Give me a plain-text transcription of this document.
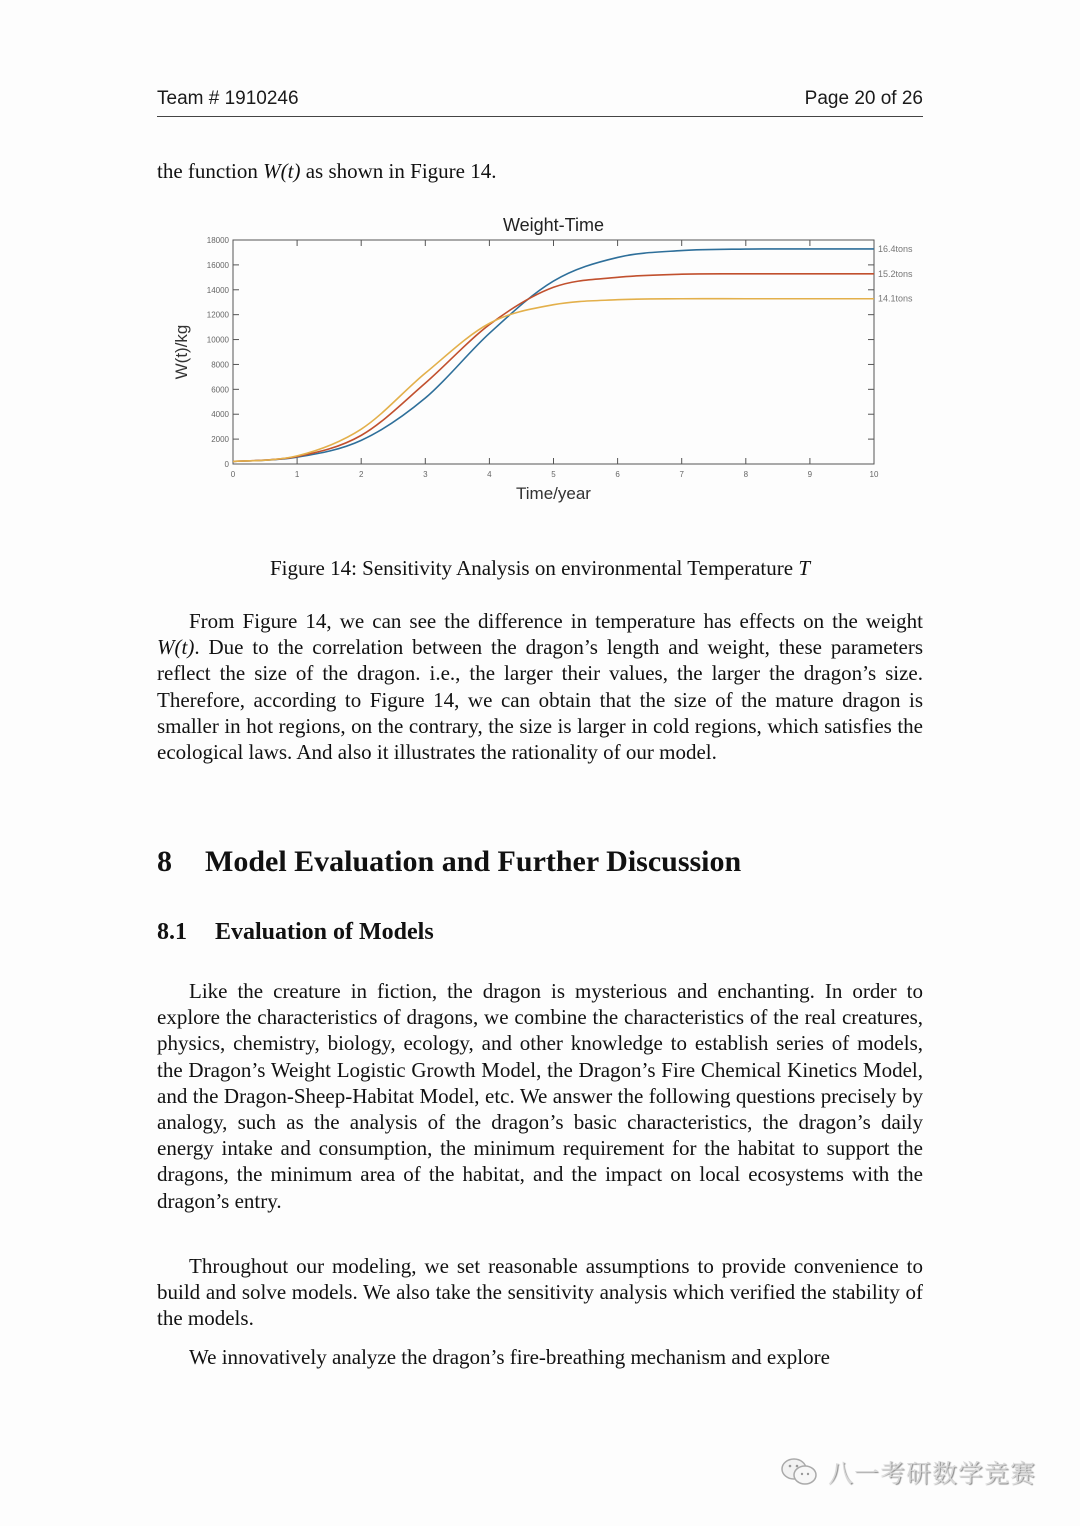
Team # 1910246	Page 20 of 26

the function W(t) as shown in Figure 14.

Weight-Time
0	1	2	3	4	5	6	7	8	9	10
0
2000
4000
6000
8000
10000
12000
14000
16000
18000
Time/year
W(t)/kg
16.4tons
15.2tons
14.1tons
Figure 14: Sensitivity Analysis on environmental Temperature T

From Figure 14, we can see the difference in temperature has effects on the weight W(t). Due to the correlation between the dragon’s length and weight, these parameters reflect the size of the dragon. i.e., the larger their values, the larger the dragon’s size. Therefore, according to Figure 14, we can obtain that the size of the mature dragon is smaller in hot regions, on the contrary, the size is larger in cold regions, which satisfies the ecological laws. And also it illustrates the rationality of our model.

8 Model Evaluation and Further Discussion
8.1 Evaluation of Models

Like the creature in fiction, the dragon is mysterious and enchanting. In order to explore the characteristics of dragons, we combine the characteristics of the real creatures, physics, chemistry, biology, ecology, and other knowledge to establish series of models, the Dragon’s Weight Logistic Growth Model, the Dragon’s Fire Chemical Kinetics Model, and the Dragon-Sheep-Habitat Model, etc. We answer the following questions precisely by analogy, such as the analysis of the dragon’s basic characteristics, the dragon’s daily energy intake and consumption, the minimum requirement for the habitat to support the dragons, the minimum area of the habitat, and the impact on local ecosystems with the dragon’s entry.

Throughout our modeling, we set reasonable assumptions to provide convenience to build and solve models. We also take the sensitivity analysis which verified the stability of the models.

We innovatively analyze the dragon’s fire-breathing mechanism and explore

八一考研数学竞赛
